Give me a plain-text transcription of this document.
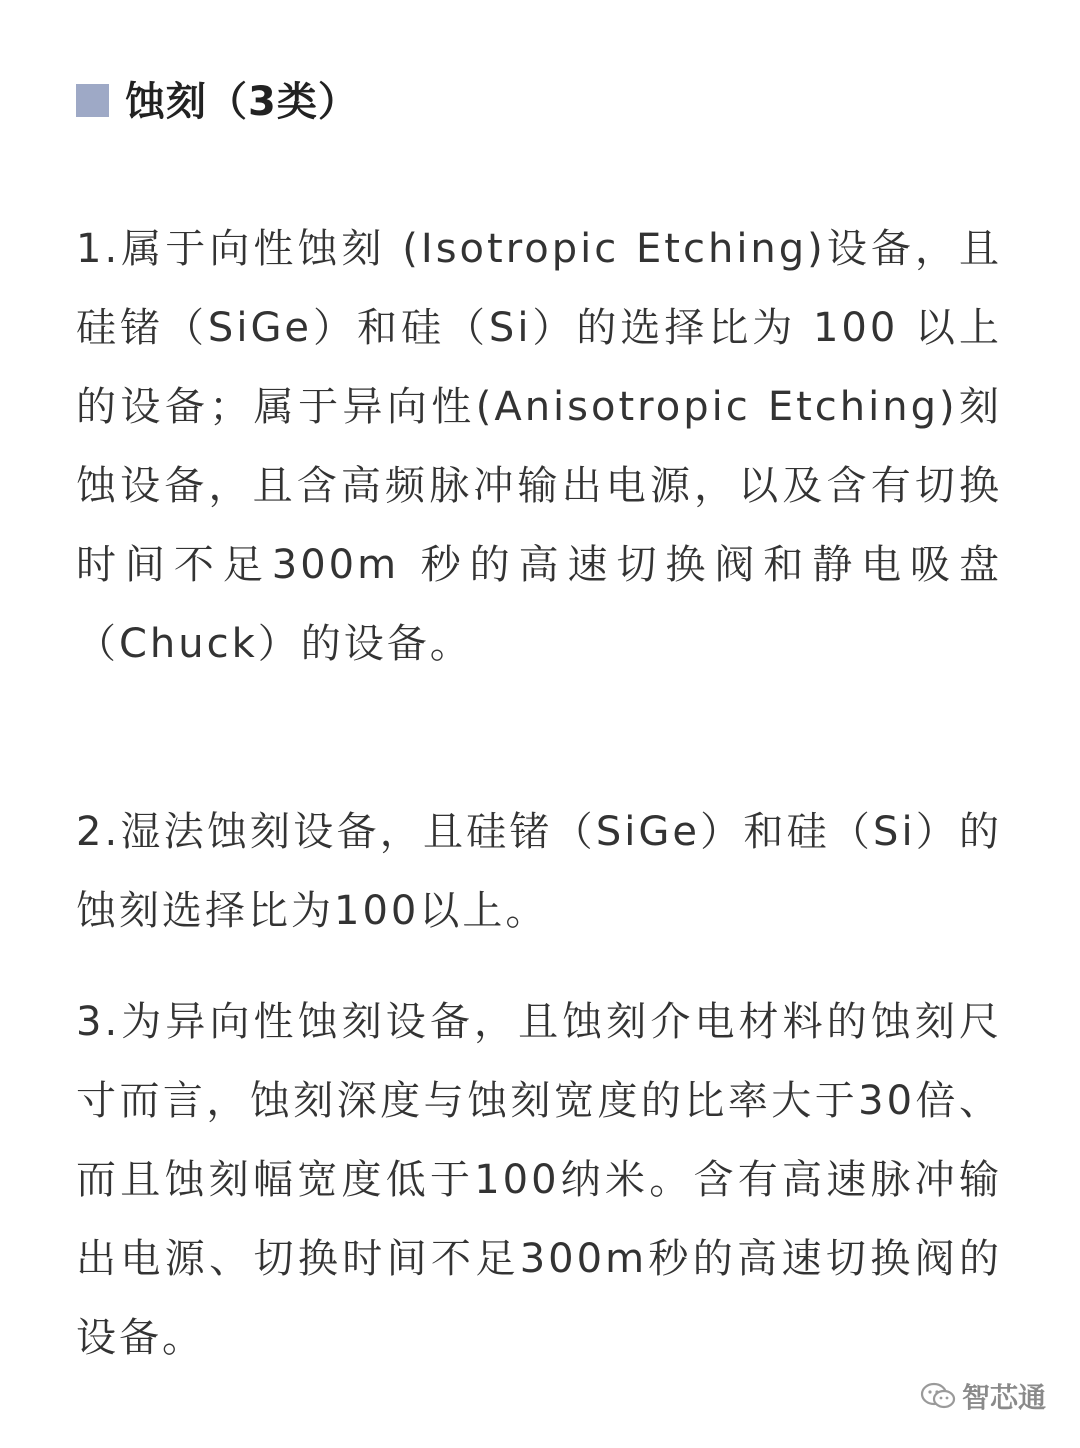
蚀刻（3类）

1.属于向性蚀刻 (Isotropic Etching)设备，且硅锗（SiGe）和硅（Si）的选择比为 100 以上的设备；属于异向性(Anisotropic Etching)刻蚀设备，且含高频脉冲输出电源，以及含有切换时间不足300m 秒的高速切换阀和静电吸盘（Chuck）的设备。

2.湿法蚀刻设备，且硅锗（SiGe）和硅（Si）的蚀刻选择比为100以上。

3.为异向性蚀刻设备，且蚀刻介电材料的蚀刻尺寸而言，蚀刻深度与蚀刻宽度的比率大于30倍、而且蚀刻幅宽度低于100纳米。含有高速脉冲输出电源、切换时间不足300m秒的高速切换阀的设备。

智芯通
